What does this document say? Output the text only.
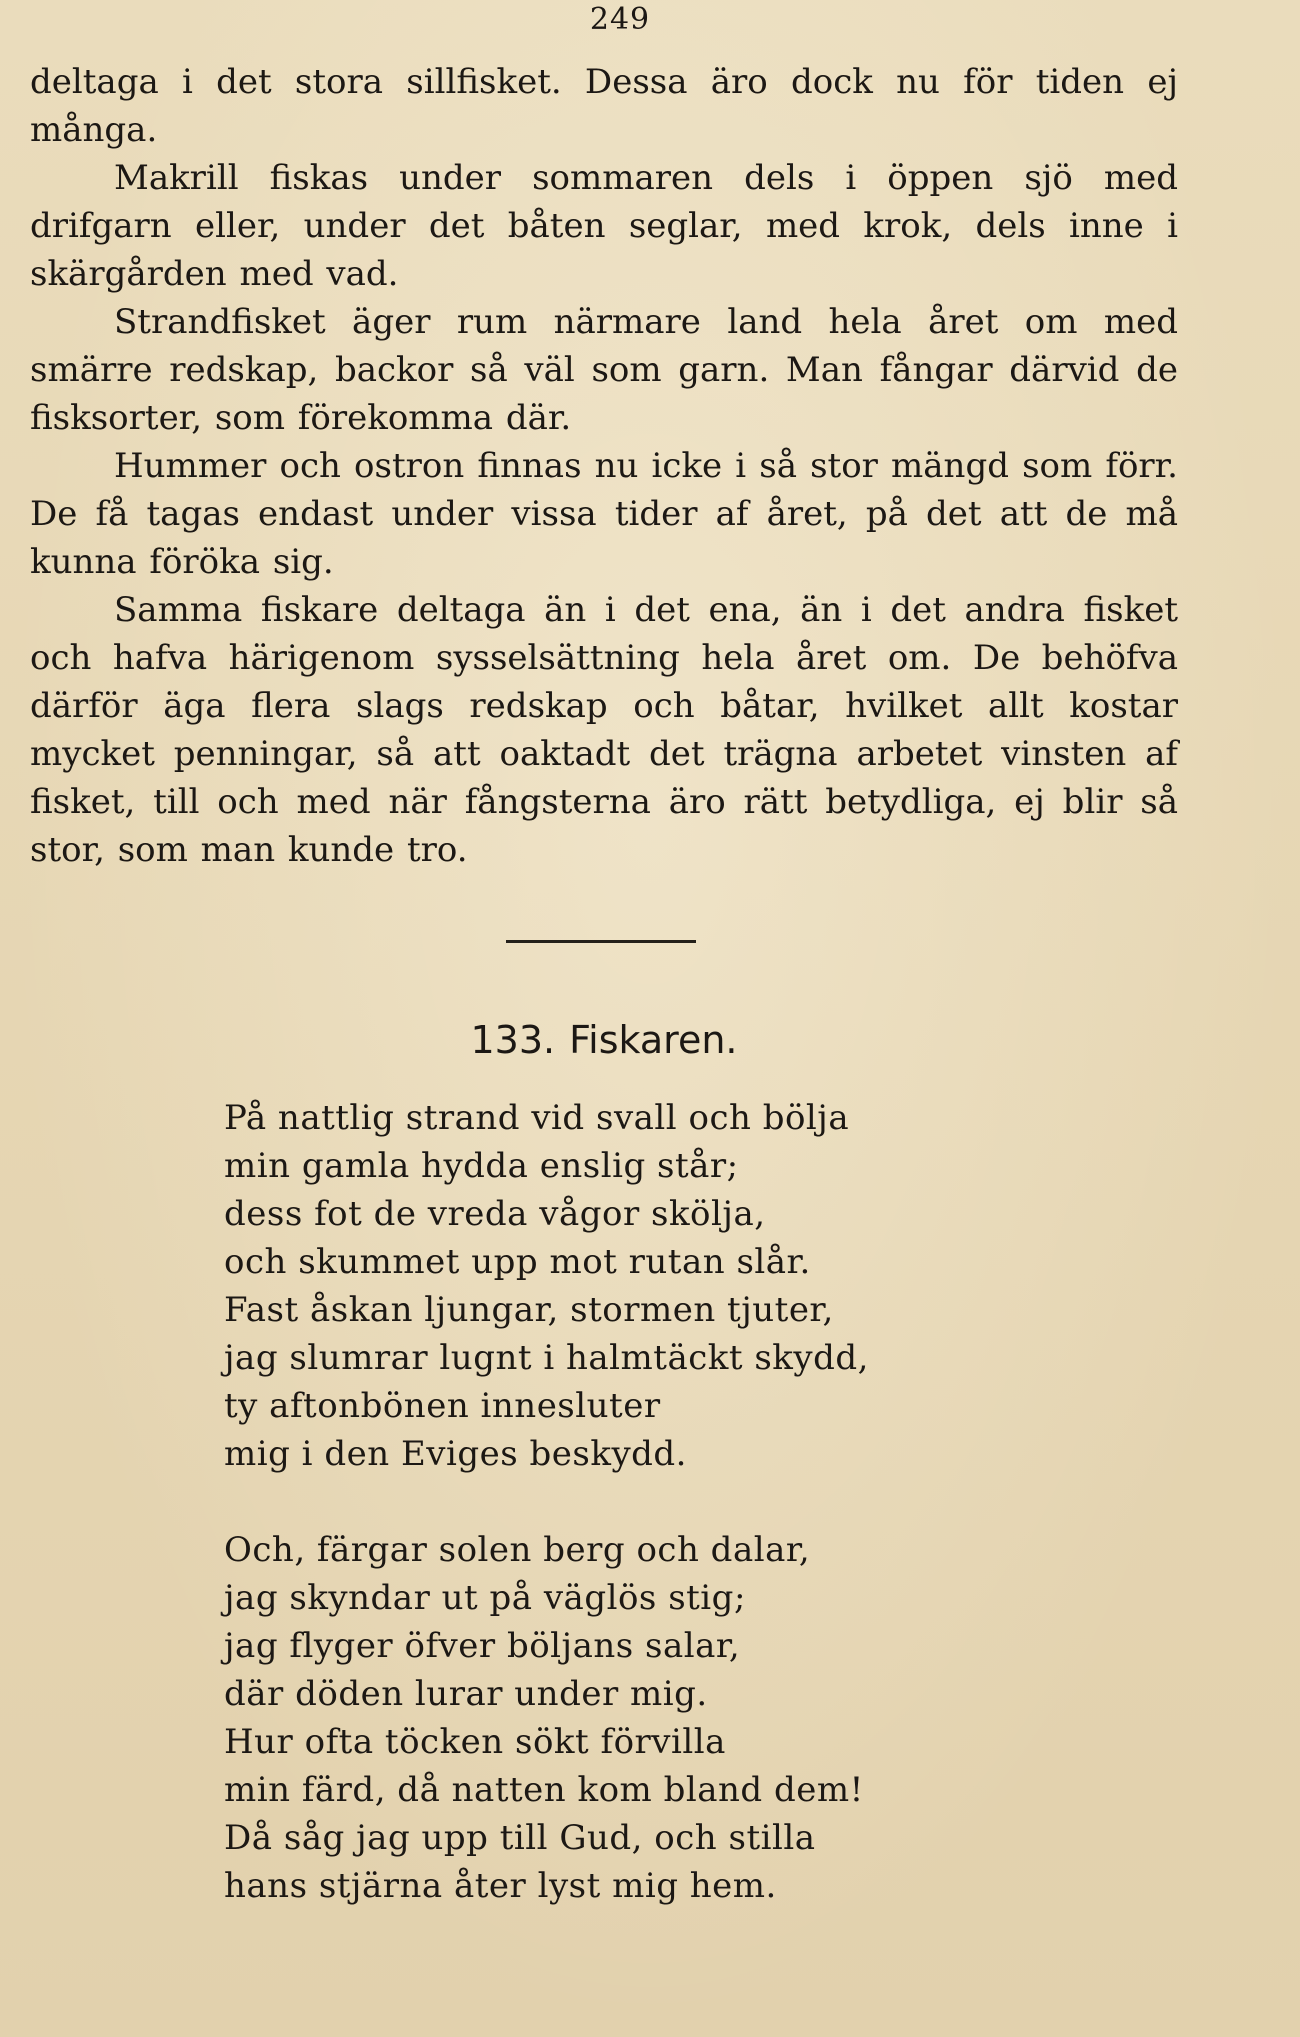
249

deltaga i det stora sillfisket. Dessa äro dock nu för tiden ej många.

Makrill fiskas under sommaren dels i öppen sjö med drifgarn eller, under det båten seglar, med krok, dels inne i skärgården med vad.

Strandfisket äger rum närmare land hela året om med smärre redskap, backor så väl som garn. Man fångar därvid de fisksorter, som förekomma där.

Hummer och ostron finnas nu icke i så stor mängd som förr. De få tagas endast under vissa tider af året, på det att de må kunna föröka sig.

Samma fiskare deltaga än i det ena, än i det andra fisket och hafva härigenom sysselsättning hela året om. De behöfva därför äga flera slags redskap och båtar, hvilket allt kostar mycket penningar, så att oaktadt det trägna arbetet vinsten af fisket, till och med när fångsterna äro rätt betydliga, ej blir så stor, som man kunde tro.

133. Fiskaren.
På nattlig strand vid svall och bölja
min gamla hydda enslig står;
dess fot de vreda vågor skölja,
och skummet upp mot rutan slår.
Fast åskan ljungar, stormen tjuter,
jag slumrar lugnt i halmtäckt skydd,
ty aftonbönen innesluter
mig i den Eviges beskydd.
Och, färgar solen berg och dalar,
jag skyndar ut på väglös stig;
jag flyger öfver böljans salar,
där döden lurar under mig.
Hur ofta töcken sökt förvilla
min färd, då natten kom bland dem!
Då såg jag upp till Gud, och stilla
hans stjärna åter lyst mig hem.
